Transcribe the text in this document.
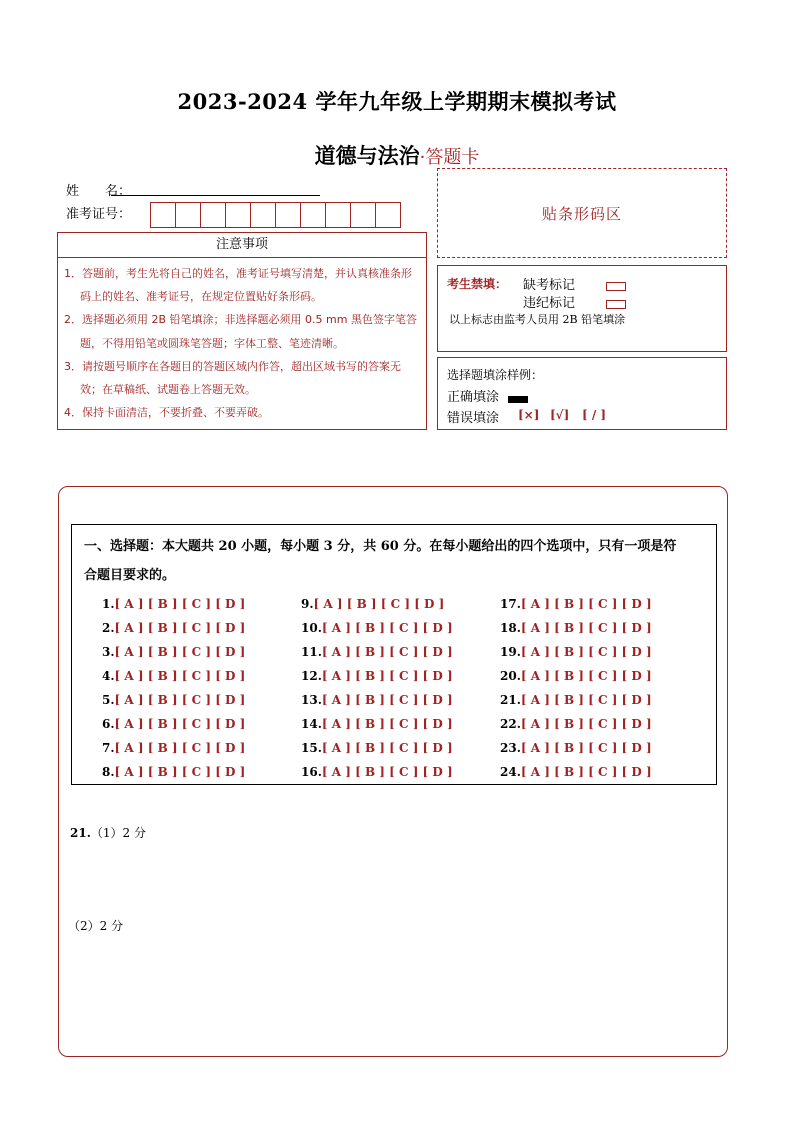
2023-2024 学年九年级上学期期末模拟考试
道德与法治·答题卡
姓　　名：
准考证号：	贴条形码区
注意事项
1．答题前，考生先将自己的姓名，准考证号填写清楚，并认真核准条形码上的姓名、准考证号，在规定位置贴好条形码。
2．选择题必须用 2B 铅笔填涂；非选择题必须用 0.5 mm 黑色签字笔答题，不得用铅笔或圆珠笔答题；字体工整、笔迹清晰。
3．请按题号顺序在各题目的答题区域内作答，超出区域书写的答案无效；在草稿纸、试题卷上答题无效。
4．保持卡面清洁，不要折叠、不要弄破。
考生禁填： 缺考标记
违纪标记
以上标志由监考人员用 2B 铅笔填涂
选择题填涂样例：
正确填涂
错误填涂 [×] [√] [ / ]
一、选择题：本大题共 20 小题，每小题 3 分，共 60 分。在每小题给出的四个选项中，只有一项是符
合题目要求的。
1.[ A ] [ B ] [ C ] [ D ]
2.[ A ] [ B ] [ C ] [ D ]
3.[ A ] [ B ] [ C ] [ D ]
4.[ A ] [ B ] [ C ] [ D ]
5.[ A ] [ B ] [ C ] [ D ]
6.[ A ] [ B ] [ C ] [ D ]
7.[ A ] [ B ] [ C ] [ D ]
8.[ A ] [ B ] [ C ] [ D ]
9.[ A ] [ B ] [ C ] [ D ]
10.[ A ] [ B ] [ C ] [ D ]
11.[ A ] [ B ] [ C ] [ D ]
12.[ A ] [ B ] [ C ] [ D ]
13.[ A ] [ B ] [ C ] [ D ]
14.[ A ] [ B ] [ C ] [ D ]
15.[ A ] [ B ] [ C ] [ D ]
16.[ A ] [ B ] [ C ] [ D ]
17.[ A ] [ B ] [ C ] [ D ]
18.[ A ] [ B ] [ C ] [ D ]
19.[ A ] [ B ] [ C ] [ D ]
20.[ A ] [ B ] [ C ] [ D ]
21.[ A ] [ B ] [ C ] [ D ]
22.[ A ] [ B ] [ C ] [ D ]
23.[ A ] [ B ] [ C ] [ D ]
24.[ A ] [ B ] [ C ] [ D ]
21.（1）2 分
（2）2 分
